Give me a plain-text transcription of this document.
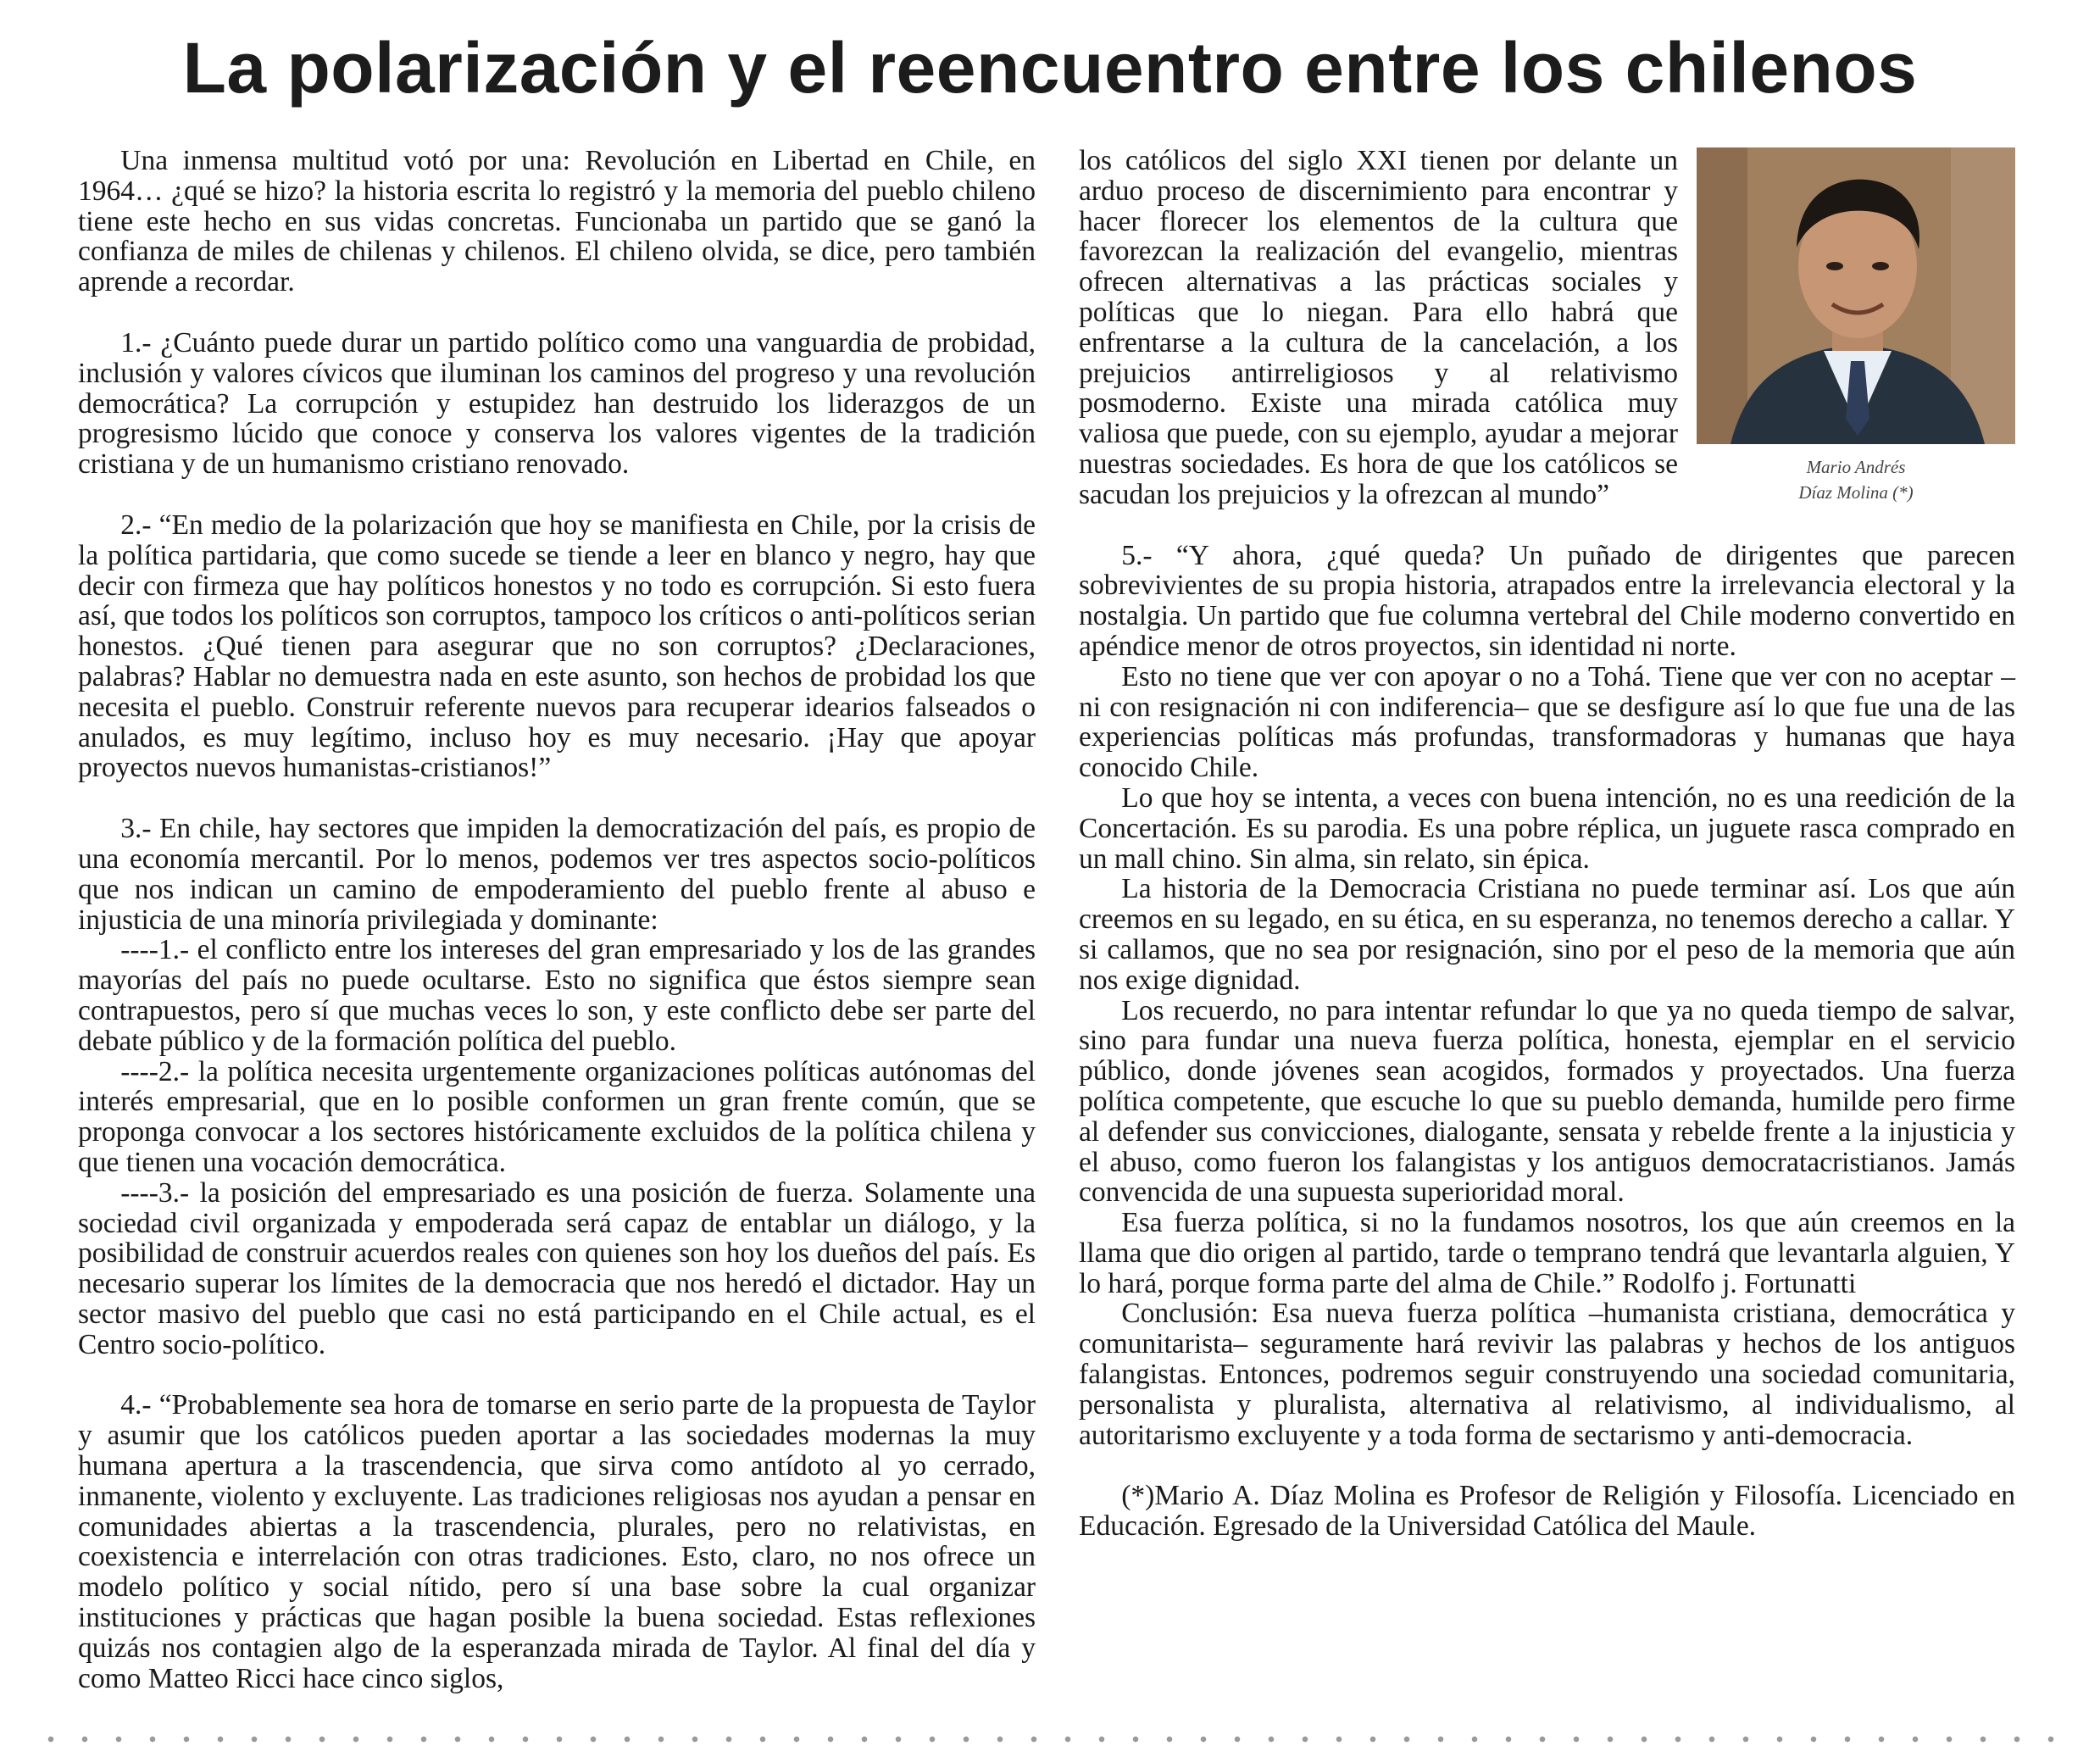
La polarización y el reencuentro entre los chilenos

Una inmensa multitud votó por una: Revolución en Libertad en Chile, en 1964… ¿qué se hizo? la historia escrita lo registró y la memoria del pueblo chileno tiene este hecho en sus vidas concretas. Funcionaba un partido que se ganó la confianza de miles de chilenas y chilenos. El chileno olvida, se dice, pero también aprende a recordar.

1.- ¿Cuánto puede durar un partido político como una vanguardia de probidad, inclusión y valores cívicos que iluminan los caminos del progreso y una revolución democrática? La corrupción y estupidez han destruido los liderazgos de un progresismo lúcido que conoce y conserva los valores vigentes de la tradición cristiana y de un humanismo cristiano renovado.

2.- “En medio de la polarización que hoy se manifiesta en Chile, por la crisis de la política partidaria, que como sucede se tiende a leer en blanco y negro, hay que decir con firmeza que hay políticos honestos y no todo es corrupción. Si esto fuera así, que todos los políticos son corruptos, tampoco los críticos o anti-políticos serian honestos. ¿Qué tienen para asegurar que no son corruptos? ¿Declaraciones, palabras? Hablar no demuestra nada en este asunto, son hechos de probidad los que necesita el pueblo. Construir referente nuevos para recuperar idearios falseados o anulados, es muy legítimo, incluso hoy es muy necesario. ¡Hay que apoyar proyectos nuevos humanistas-cristianos!”

3.- En chile, hay sectores que impiden la democratización del país, es propio de una economía mercantil. Por lo menos, podemos ver tres aspectos socio-políticos que nos indican un camino de empoderamiento del pueblo frente al abuso e injusticia de una minoría privilegiada y dominante:

----1.- el conflicto entre los intereses del gran empresariado y los de las grandes mayorías del país no puede ocultarse. Esto no significa que éstos siempre sean contrapuestos, pero sí que muchas veces lo son, y este conflicto debe ser parte del debate público y de la formación política del pueblo.

----2.- la política necesita urgentemente organizaciones políticas autónomas del interés empresarial, que en lo posible conformen un gran frente común, que se proponga convocar a los sectores históricamente excluidos de la política chilena y que tienen una vocación democrática.

----3.- la posición del empresariado es una posición de fuerza. Solamente una sociedad civil organizada y empoderada será capaz de entablar un diálogo, y la posibilidad de construir acuerdos reales con quienes son hoy los dueños del país. Es necesario superar los límites de la democracia que nos heredó el dictador. Hay un sector masivo del pueblo que casi no está participando en el Chile actual, es el Centro socio-político.

4.- “Probablemente sea hora de tomarse en serio parte de la propuesta de Taylor y asumir que los católicos pueden aportar a las sociedades modernas la muy humana apertura a la trascendencia, que sirva como antídoto al yo cerrado, inmanente, violento y excluyente. Las tradiciones religiosas nos ayudan a pensar en comunidades abiertas a la trascendencia, plurales, pero no relativistas, en coexistencia e interrelación con otras tradiciones. Esto, claro, no nos ofrece un modelo político y social nítido, pero sí una base sobre la cual organizar instituciones y prácticas que hagan posible la buena sociedad. Estas reflexiones quizás nos contagien algo de la esperanzada mirada de Taylor. Al final del día y como Matteo Ricci hace cinco siglos,

Mario Andrés
Díaz Molina (*)

los católicos del siglo XXI tienen por delante un arduo proceso de discernimiento para encontrar y hacer florecer los elementos de la cultura que favorezcan la realización del evangelio, mientras ofrecen alternativas a las prácticas sociales y políticas que lo niegan. Para ello habrá que enfrentarse a la cultura de la cancelación, a los prejuicios antirreligiosos y al relativismo posmoderno. Existe una mirada católica muy valiosa que puede, con su ejemplo, ayudar a mejorar nuestras sociedades. Es hora de que los católicos se sacudan los prejuicios y la ofrezcan al mundo”

5.- “Y ahora, ¿qué queda? Un puñado de dirigentes que parecen sobrevivientes de su propia historia, atrapados entre la irrelevancia electoral y la nostalgia. Un partido que fue columna vertebral del Chile moderno convertido en apéndice menor de otros proyectos, sin identidad ni norte.

Esto no tiene que ver con apoyar o no a Tohá. Tiene que ver con no aceptar –ni con resignación ni con indiferencia– que se desfigure así lo que fue una de las experiencias políticas más profundas, transformadoras y humanas que haya conocido Chile.

Lo que hoy se intenta, a veces con buena intención, no es una reedición de la Concertación. Es su parodia. Es una pobre réplica, un juguete rasca comprado en un mall chino. Sin alma, sin relato, sin épica.

La historia de la Democracia Cristiana no puede terminar así. Los que aún creemos en su legado, en su ética, en su esperanza, no tenemos derecho a callar. Y si callamos, que no sea por resignación, sino por el peso de la memoria que aún nos exige dignidad.

Los recuerdo, no para intentar refundar lo que ya no queda tiempo de salvar, sino para fundar una nueva fuerza política, honesta, ejemplar en el servicio público, donde jóvenes sean acogidos, formados y proyectados. Una fuerza política competente, que escuche lo que su pueblo demanda, humilde pero firme al defender sus convicciones, dialogante, sensata y rebelde frente a la injusticia y el abuso, como fueron los falangistas y los antiguos democratacristianos. Jamás convencida de una supuesta superioridad moral.

Esa fuerza política, si no la fundamos nosotros, los que aún creemos en la llama que dio origen al partido, tarde o temprano tendrá que levantarla alguien, Y lo hará, porque forma parte del alma de Chile.” Rodolfo j. Fortunatti

Conclusión: Esa nueva fuerza política –humanista cristiana, democrática y comunitarista– seguramente hará revivir las palabras y hechos de los antiguos falangistas. Entonces, podremos seguir construyendo una sociedad comunitaria, personalista y pluralista, alternativa al relativismo, al individualismo, al autoritarismo excluyente y a toda forma de sectarismo y anti-democracia.

(*)Mario A. Díaz Molina es Profesor de Religión y Filosofía. Licenciado en Educación. Egresado de la Universidad Católica del Maule.
